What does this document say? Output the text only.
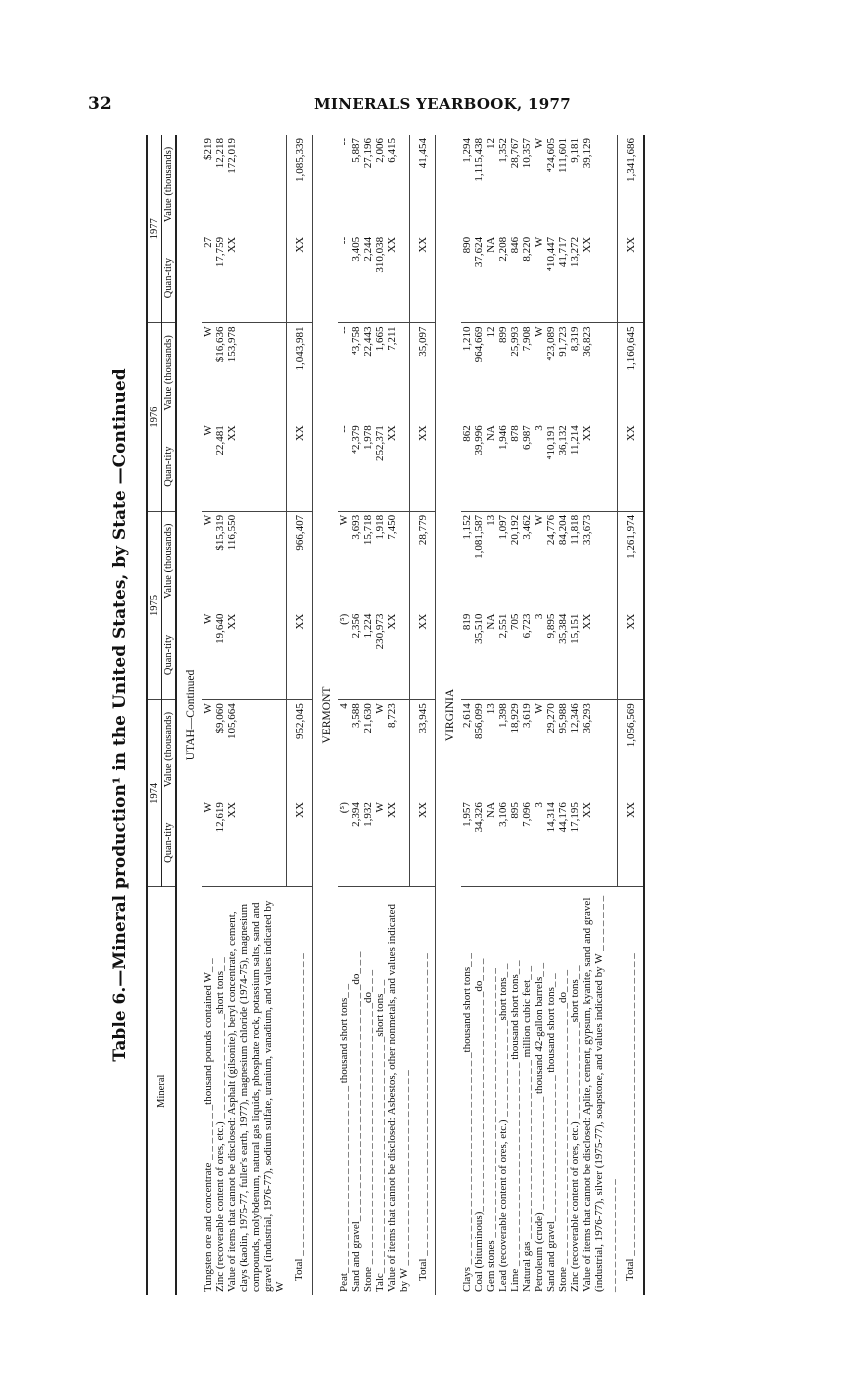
32	MINERALS YEARBOOK, 1977
Table 6.—Mineral production¹ in the United States, by State —Continued
Mineral	1974		1975		1976		1977	
	Quan-tity	Value (thousands)	Quan-tity	Value (thousands)	Quan-tity	Value (thousands)	Quan-tity	Value (thousands)
UTAH—Continued								
Tungsten ore and concentrate _ _ _ _ _ _ _thousand pounds contained W_ _	W	W	W	W	W	W	27	$219
Zinc (recoverable content of ores, etc.) _ _ _ _ _ _ _ _ _ _ _ _ _short tons_ _	12,619	$9,060	19,640	$15,319	22,481	$16,636	17,759	12,218
Value of items that cannot be disclosed: Asphalt (gilsonite), beryl concentrate, cement, clays (kaolin, 1975-77, fuller's earth, 1977), magnesium chloride (1974-75), magnesium compounds, molybdenum, natural gas liquids, phosphate rock, potassium salts, sand and gravel (industrial, 1976-77), sodium sulfate, uranium, vanadium, and values indicated by W	XX	105,664	XX	116,550	XX	153,978	XX	172,019
Total _ _ _ _ _ _ _ _ _ _ _ _ _ _ _ _ _ _ _ _ _ _ _ _ _ _ _ _ _ _ _ _ _ _ _ _ _	XX	952,045	XX	966,407	XX	1,043,981	XX	1,085,339

VERMONT								
Peat_ _ _ _ _ _ _ _ _ _ _ _ _ _ _ _ _ _ _ _ _ _ _ thousand short tons_ _	(⁵)	4	(⁵)	W	--	--	--	--
Sand and gravel_ _ _ _ _ _ _ _ _ _ _ _ _ _ _ _ _ _ _ _ _ _ _ _ _ _ _ _ _do_ _ _	2,394	3,588	2,356	3,693	⁴2,379	⁴3,758	3,405	5,887
Stone _ _ _ _ _ _ _ _ _ _ _ _ _ _ _ _ _ _ _ _ _ _ _ _ _ _ _ _ _ _ _ _do_ _ _	1,932	21,630	1,224	15,718	1,978	22,443	2,244	27,196
Talc_ _ _ _ _ _ _ _ _ _ _ _ _ _ _ _ _ _ _ _ _ _ _ _ _ _ _ _ _short tons_ _	W	W	230,973	1,918	252,371	1,665	310,038	2,006
Value of items that cannot be disclosed: Asbestos, other nonmetals, and values indicated by W _ _ _ _ _ _ _ _ _ _ _ _ _ _ _ _ _ _ _ _ _ _ _ _	XX	8,723	XX	7,450	XX	7,211	XX	6,415
Total _ _ _ _ _ _ _ _ _ _ _ _ _ _ _ _ _ _ _ _ _ _ _ _ _ _ _ _ _ _ _ _ _ _ _ _ _	XX	33,945	XX	28,779	XX	35,097	XX	41,454

VIRGINIA								
Clays _ _ _ _ _ _ _ _ _ _ _ _ _ _ _ _ _ _ _ _ _ _ _ _ _ _thousand short tons_ _	1,957	2,614	819	1,152	862	1,210	890	1,294
Coal (bituminous)_ _ _ _ _ _ _ _ _ _ _ _ _ _ _ _ _ _ _ _ _ _ _ _ _ _ _do_ _ _	34,326	856,099	35,510	1,081,587	39,996	964,669	37,624	1,115,438
Gem stones _ _ _ _ _ _ _ _ _ _ _ _ _ _ _ _ _ _ _ _ _ _ _ _ _ _ _ _ _ _ _ _ _	NA	13	NA	13	NA	12	NA	12
Lead (recoverable content of ores, etc.) _ _ _ _ _ _ _ _ _ _ _ _short tons_ _	3,106	1,398	2,551	1,097	1,946	899	2,208	1,352
Lime _ _ _ _ _ _ _ _ _ _ _ _ _ _ _ _ _ _ _ _ _ _ _ _ _ thousand short tons_ _	895	18,929	705	20,192	878	25,993	846	28,767
Natural gas _ _ _ _ _ _ _ _ _ _ _ _ _ _ _ _ _ _ _ _ _ _ million cubic feet_ _	7,096	3,619	6,723	3,462	6,987	7,908	8,220	10,357
Petroleum (crude) _ _ _ _ _ _ _ _ _ _ _ _ _ _ thousand 42-gallon barrels_ _	3	W	3	W	3	W	W	W
Sand and gravel_ _ _ _ _ _ _ _ _ _ _ _ _ _ _ _ _ _ thousand short tons_ _	14,314	29,270	9,895	24,776	⁴10,191	⁴23,089	⁴10,447	⁴24,605
Stone _ _ _ _ _ _ _ _ _ _ _ _ _ _ _ _ _ _ _ _ _ _ _ _ _ _ _ _ _ _ _ _do_ _ _	44,176	95,988	35,384	84,204	36,132	91,723	41,717	111,601
Zinc (recoverable content of ores, etc.) _ _ _ _ _ _ _ _ _ _ _ _short tons_ _	17,195	12,346	15,151	11,818	11,214	8,319	13,272	9,181
Value of items that cannot be disclosed: Aplite, cement, gypsum, kyanite, sand and gravel (industrial, 1976-77), silver (1975-77), soapstone, and values indicated by W _ _ _ _ _ _ _ _ _ _ _ _ _ _ _ _ _ _ _ _ _	XX	36,293	XX	33,673	XX	36,823	XX	39,129
Total _ _ _ _ _ _ _ _ _ _ _ _ _ _ _ _ _ _ _ _ _ _ _ _ _ _ _ _ _ _ _ _ _ _ _ _ _	XX	1,056,569	XX	1,261,974	XX	1,160,645	XX	1,341,686
